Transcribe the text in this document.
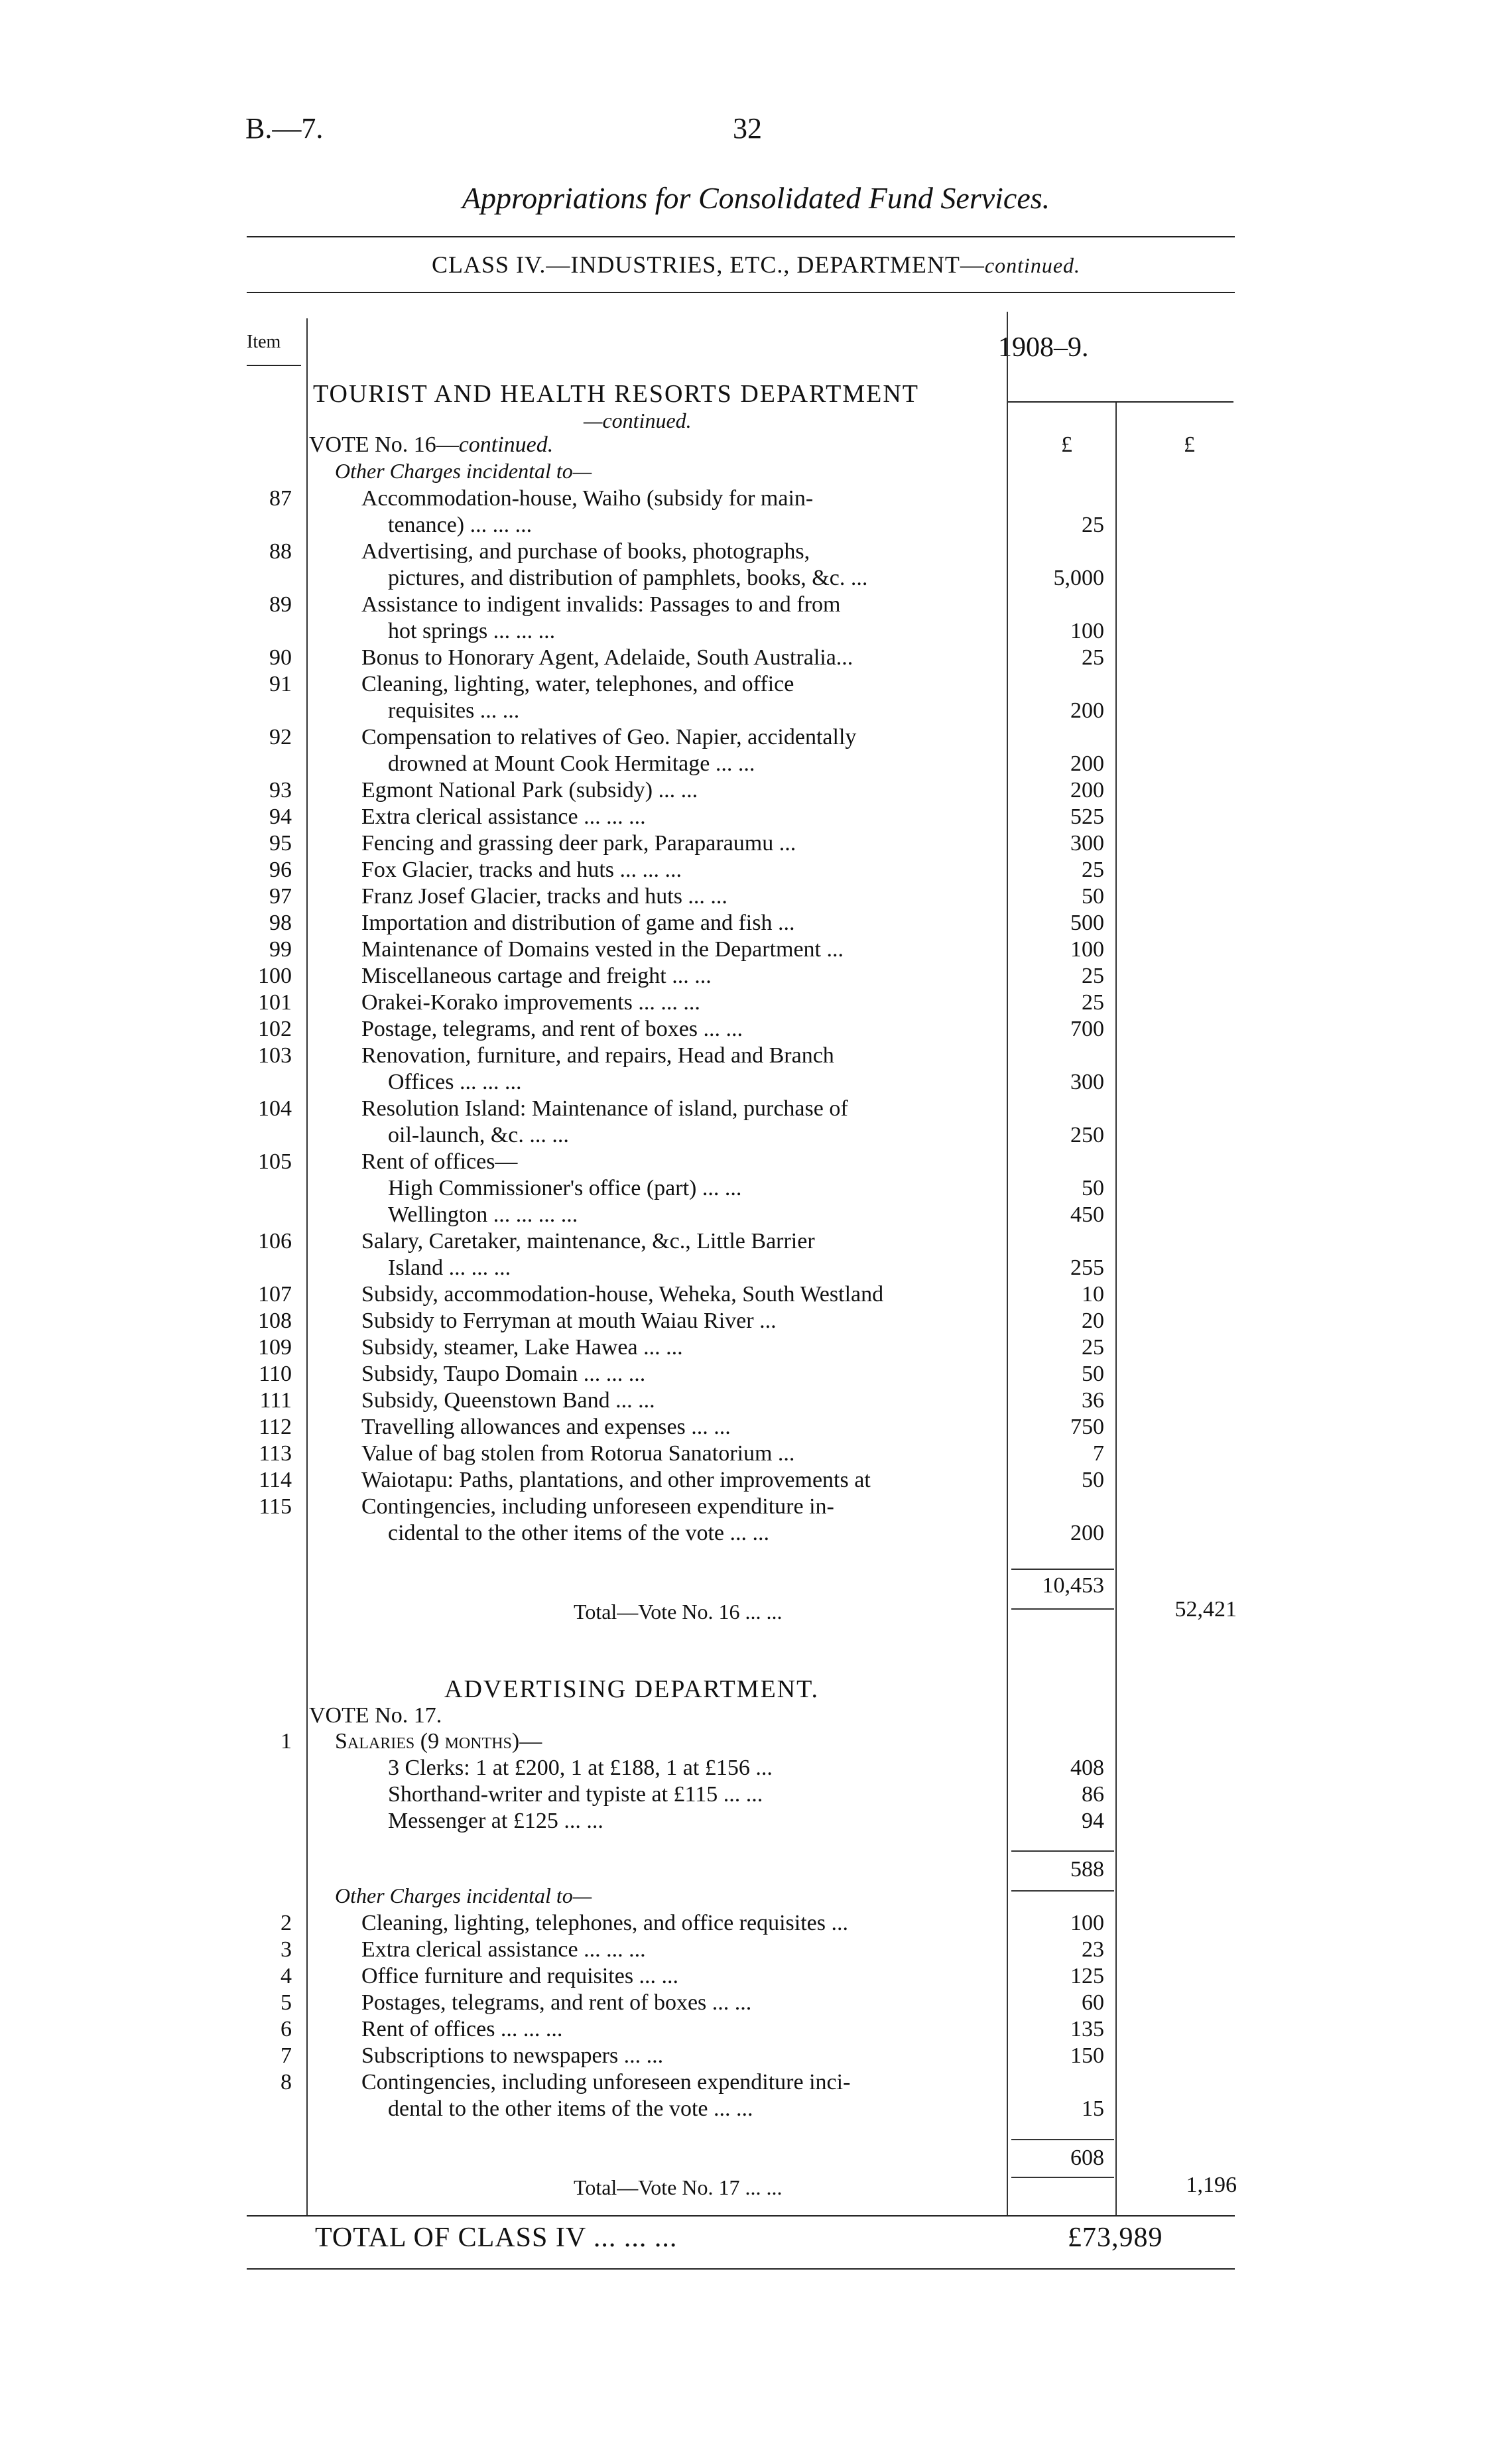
B.—7.	32
Appropriations for Consolidated Fund Services.
CLASS IV.—INDUSTRIES, ETC., DEPARTMENT—continued.
Item	1908–9.
TOURIST AND HEALTH RESORTS DEPARTMENT
—continued.
VOTE No. 16—continued.
Other Charges incidental to—
£	£
87	Accommodation-house, Waiho (subsidy for main-
tenance) ... ... ...	25
88	Advertising, and purchase of books, photographs,
pictures, and distribution of pamphlets, books, &c. ...	5,000
89	Assistance to indigent invalids: Passages to and from
hot springs ... ... ...	100
90	Bonus to Honorary Agent, Adelaide, South Australia...	25
91	Cleaning, lighting, water, telephones, and office
requisites ... ...	200
92	Compensation to relatives of Geo. Napier, accidentally
drowned at Mount Cook Hermitage ... ...	200
93	Egmont National Park (subsidy) ... ...	200
94	Extra clerical assistance ... ... ...	525
95	Fencing and grassing deer park, Paraparaumu ...	300
96	Fox Glacier, tracks and huts ... ... ...	25
97	Franz Josef Glacier, tracks and huts ... ...	50
98	Importation and distribution of game and fish ...	500
99	Maintenance of Domains vested in the Department ...	100
100	Miscellaneous cartage and freight ... ...	25
101	Orakei-Korako improvements ... ... ...	25
102	Postage, telegrams, and rent of boxes ... ...	700
103	Renovation, furniture, and repairs, Head and Branch
Offices ... ... ...	300
104	Resolution Island: Maintenance of island, purchase of
oil-launch, &c. ... ...	250
105	Rent of offices—
High Commissioner's office (part) ... ...	50
Wellington ... ... ... ...	450
106	Salary, Caretaker, maintenance, &c., Little Barrier
Island ... ... ...	255
107	Subsidy, accommodation-house, Weheka, South Westland	10
108	Subsidy to Ferryman at mouth Waiau River ...	20
109	Subsidy, steamer, Lake Hawea ... ...	25
110	Subsidy, Taupo Domain ... ... ...	50
111	Subsidy, Queenstown Band ... ...	36
112	Travelling allowances and expenses ... ...	750
113	Value of bag stolen from Rotorua Sanatorium ...	7
114	Waiotapu: Paths, plantations, and other improvements at	50
115	Contingencies, including unforeseen expenditure in-
cidental to the other items of the vote ... ...	200
10,453
Total—Vote No. 16 ... ...	52,421
ADVERTISING DEPARTMENT.
VOTE No. 17.
1 Salaries (9 months)—
3 Clerks: 1 at £200, 1 at £188, 1 at £156 ...	408
Shorthand-writer and typiste at £115 ... ...	86
Messenger at £125 ... ...	94
588
Other Charges incidental to—
2	Cleaning, lighting, telephones, and office requisites ...	100
3	Extra clerical assistance ... ... ...	23
4	Office furniture and requisites ... ...	125
5	Postages, telegrams, and rent of boxes ... ...	60
6	Rent of offices ... ... ...	135
7	Subscriptions to newspapers ... ...	150
8	Contingencies, including unforeseen expenditure inci-
dental to the other items of the vote ... ...	15
608
Total—Vote No. 17 ... ...	1,196
TOTAL OF CLASS IV ... ... ...	£73,989
